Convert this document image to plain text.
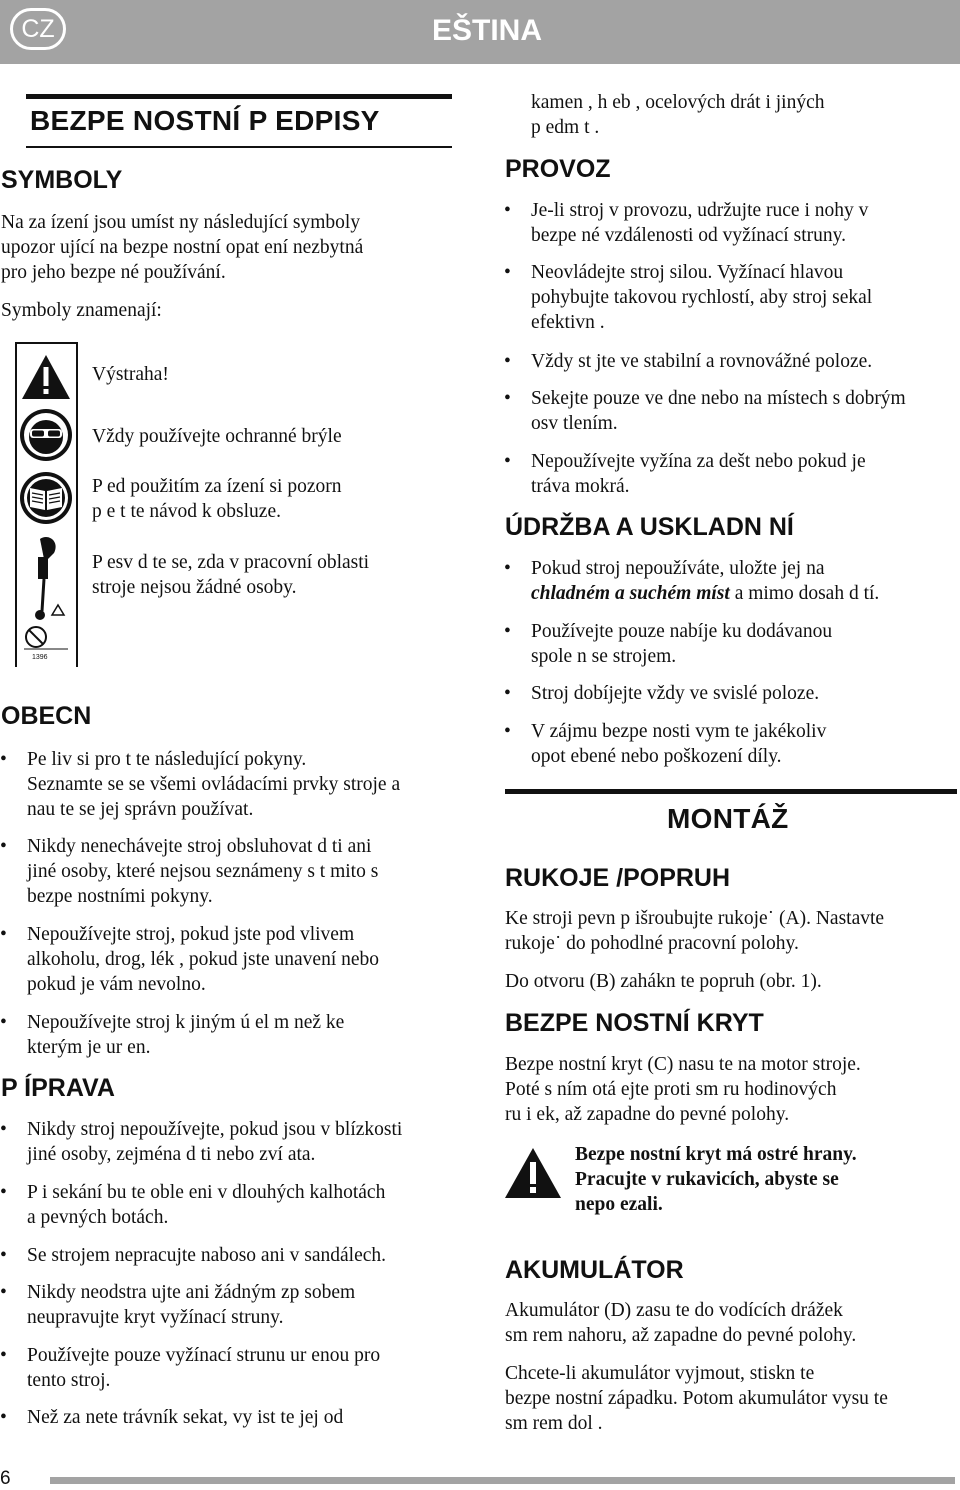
CZ	EŠTINA
BEZPE NOSTNÍ P EDPISY
SYMBOLY
Na za ízení jsou umíst ny následující symboly
upozor ující na bezpe nostní opat ení nezbytná
pro jeho bezpe né používání.
Symboly znamenají:
1396
Výstraha!
Vždy používejte ochranné brýle
P ed použitím za ízení si pozorn
p e t te návod k obsluze.
P esv d te se, zda v pracovní oblasti
stroje nejsou žádné osoby.
OBECN
• Pe liv si pro t te následující pokyny.
Seznamte se se všemi ovládacími prvky stroje a
nau te se jej správn používat.
• Nikdy nenechávejte stroj obsluhovat d ti ani
jiné osoby, které nejsou seznámeny s t mito s
bezpe nostními pokyny.
• Nepoužívejte stroj, pokud jste pod vlivem
alkoholu, drog, lék , pokud jste unavení nebo
pokud je vám nevolno.
• Nepoužívejte stroj k jiným ú el m než ke
kterým je ur en.
P ÍPRAVA
• Nikdy stroj nepoužívejte, pokud jsou v blízkosti
jiné osoby, zejména d ti nebo zví ata.
• P i sekání bu te oble eni v dlouhých kalhotách
a pevných botách.
• Se strojem nepracujte naboso ani v sandálech.
• Nikdy neodstra ujte ani žádným zp sobem
neupravujte kryt vyžínací struny.
• Používejte pouze vyžínací strunu ur enou pro
tento stroj.
• Než za nete trávník sekat, vy ist te jej od
kamen , h eb , ocelových drát i jiných
p edm t .
PROVOZ
• Je-li stroj v provozu, udržujte ruce i nohy v
bezpe né vzdálenosti od vyžínací struny.
• Neovládejte stroj silou. Vyžínací hlavou
pohybujte takovou rychlostí, aby stroj sekal
efektivn .
• Vždy st jte ve stabilní a rovnovážné poloze.
• Sekejte pouze ve dne nebo na místech s dobrým
osv tlením.
• Nepoužívejte vyžína za dešt nebo pokud je
tráva mokrá.
ÚDRŽBA A USKLADN NÍ
• Pokud stroj nepoužíváte, uložte jej na
chladném a suchém míst a mimo dosah d tí.
• Používejte pouze nabíje ku dodávanou
spole n se strojem.
• Stroj dobíjejte vždy ve svislé poloze.
• V zájmu bezpe nosti vym te jakékoliv
opot ebené nebo poškození díly.
MONTÁŽ
RUKOJE /POPRUH
Ke stroji pevn p išroubujte rukoje˙ (A). Nastavte
rukoje˙ do pohodlné pracovní polohy.
Do otvoru (B) zahákn te popruh (obr. 1).
BEZPE NOSTNÍ KRYT
Bezpe nostní kryt (C) nasu te na motor stroje.
Poté s ním otá ejte proti sm ru hodinových
ru i ek, až zapadne do pevné polohy.
Bezpe nostní kryt má ostré hrany.
Pracujte v rukavicích, abyste se
nepo ezali.
AKUMULÁTOR
Akumulátor (D) zasu te do vodících drážek
sm rem nahoru, až zapadne do pevné polohy.
Chcete-li akumulátor vyjmout, stiskn te
bezpe nostní západku. Potom akumulátor vysu te
sm rem dol .
6
